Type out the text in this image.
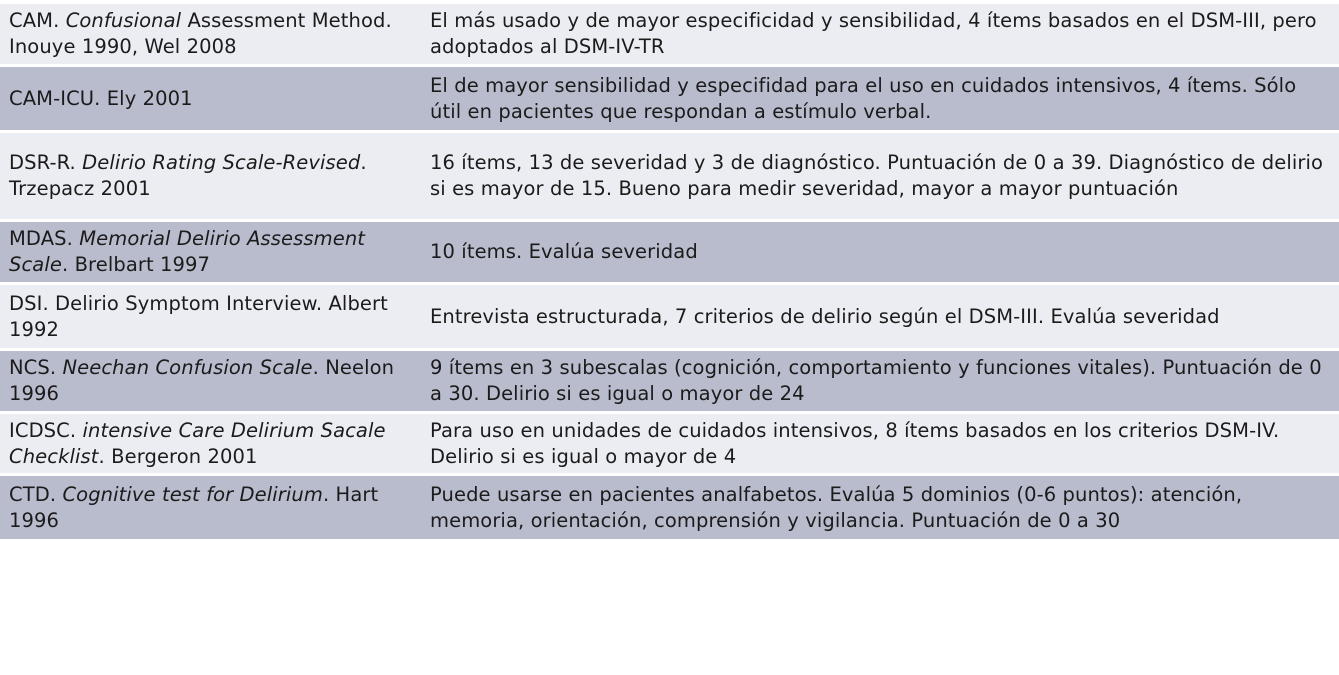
CAM. Confusional Assessment Method. Inouye 1990, Wel 2008
El más usado y de mayor especificidad y sensibilidad, 4 ítems basados en el DSM-III, pero adoptados al DSM-IV-TR
CAM-ICU. Ely 2001
El de mayor sensibilidad y especifidad para el uso en cuidados intensivos, 4 ítems. Sólo útil en pacientes que respondan a estímulo verbal.
DSR-R. Delirio Rating Scale-Revised. Trzepacz 2001
16 ítems, 13 de severidad y 3 de diagnóstico. Puntuación de 0 a 39. Diagnóstico de delirio si es mayor de 15. Bueno para medir severidad, mayor a mayor puntuación
MDAS. Memorial Delirio Assessment Scale. Brelbart 1997
10 ítems. Evalúa severidad
DSI. Delirio Symptom Interview. Albert 1992
Entrevista estructurada, 7 criterios de delirio según el DSM-III. Evalúa severidad
NCS. Neechan Confusion Scale. Neelon 1996
9 ítems en 3 subescalas (cognición, comportamiento y funciones vitales). Puntuación de 0 a 30. Delirio si es igual o mayor de 24
ICDSC. intensive Care Delirium Sacale Checklist. Bergeron 2001
Para uso en unidades de cuidados intensivos, 8 ítems basados en los criterios DSM-IV. Delirio si es igual o mayor de 4
CTD. Cognitive test for Delirium. Hart 1996
Puede usarse en pacientes analfabetos. Evalúa 5 dominios (0-6 puntos): atención, memoria, orientación, comprensión y vigilancia. Puntuación de 0 a 30
